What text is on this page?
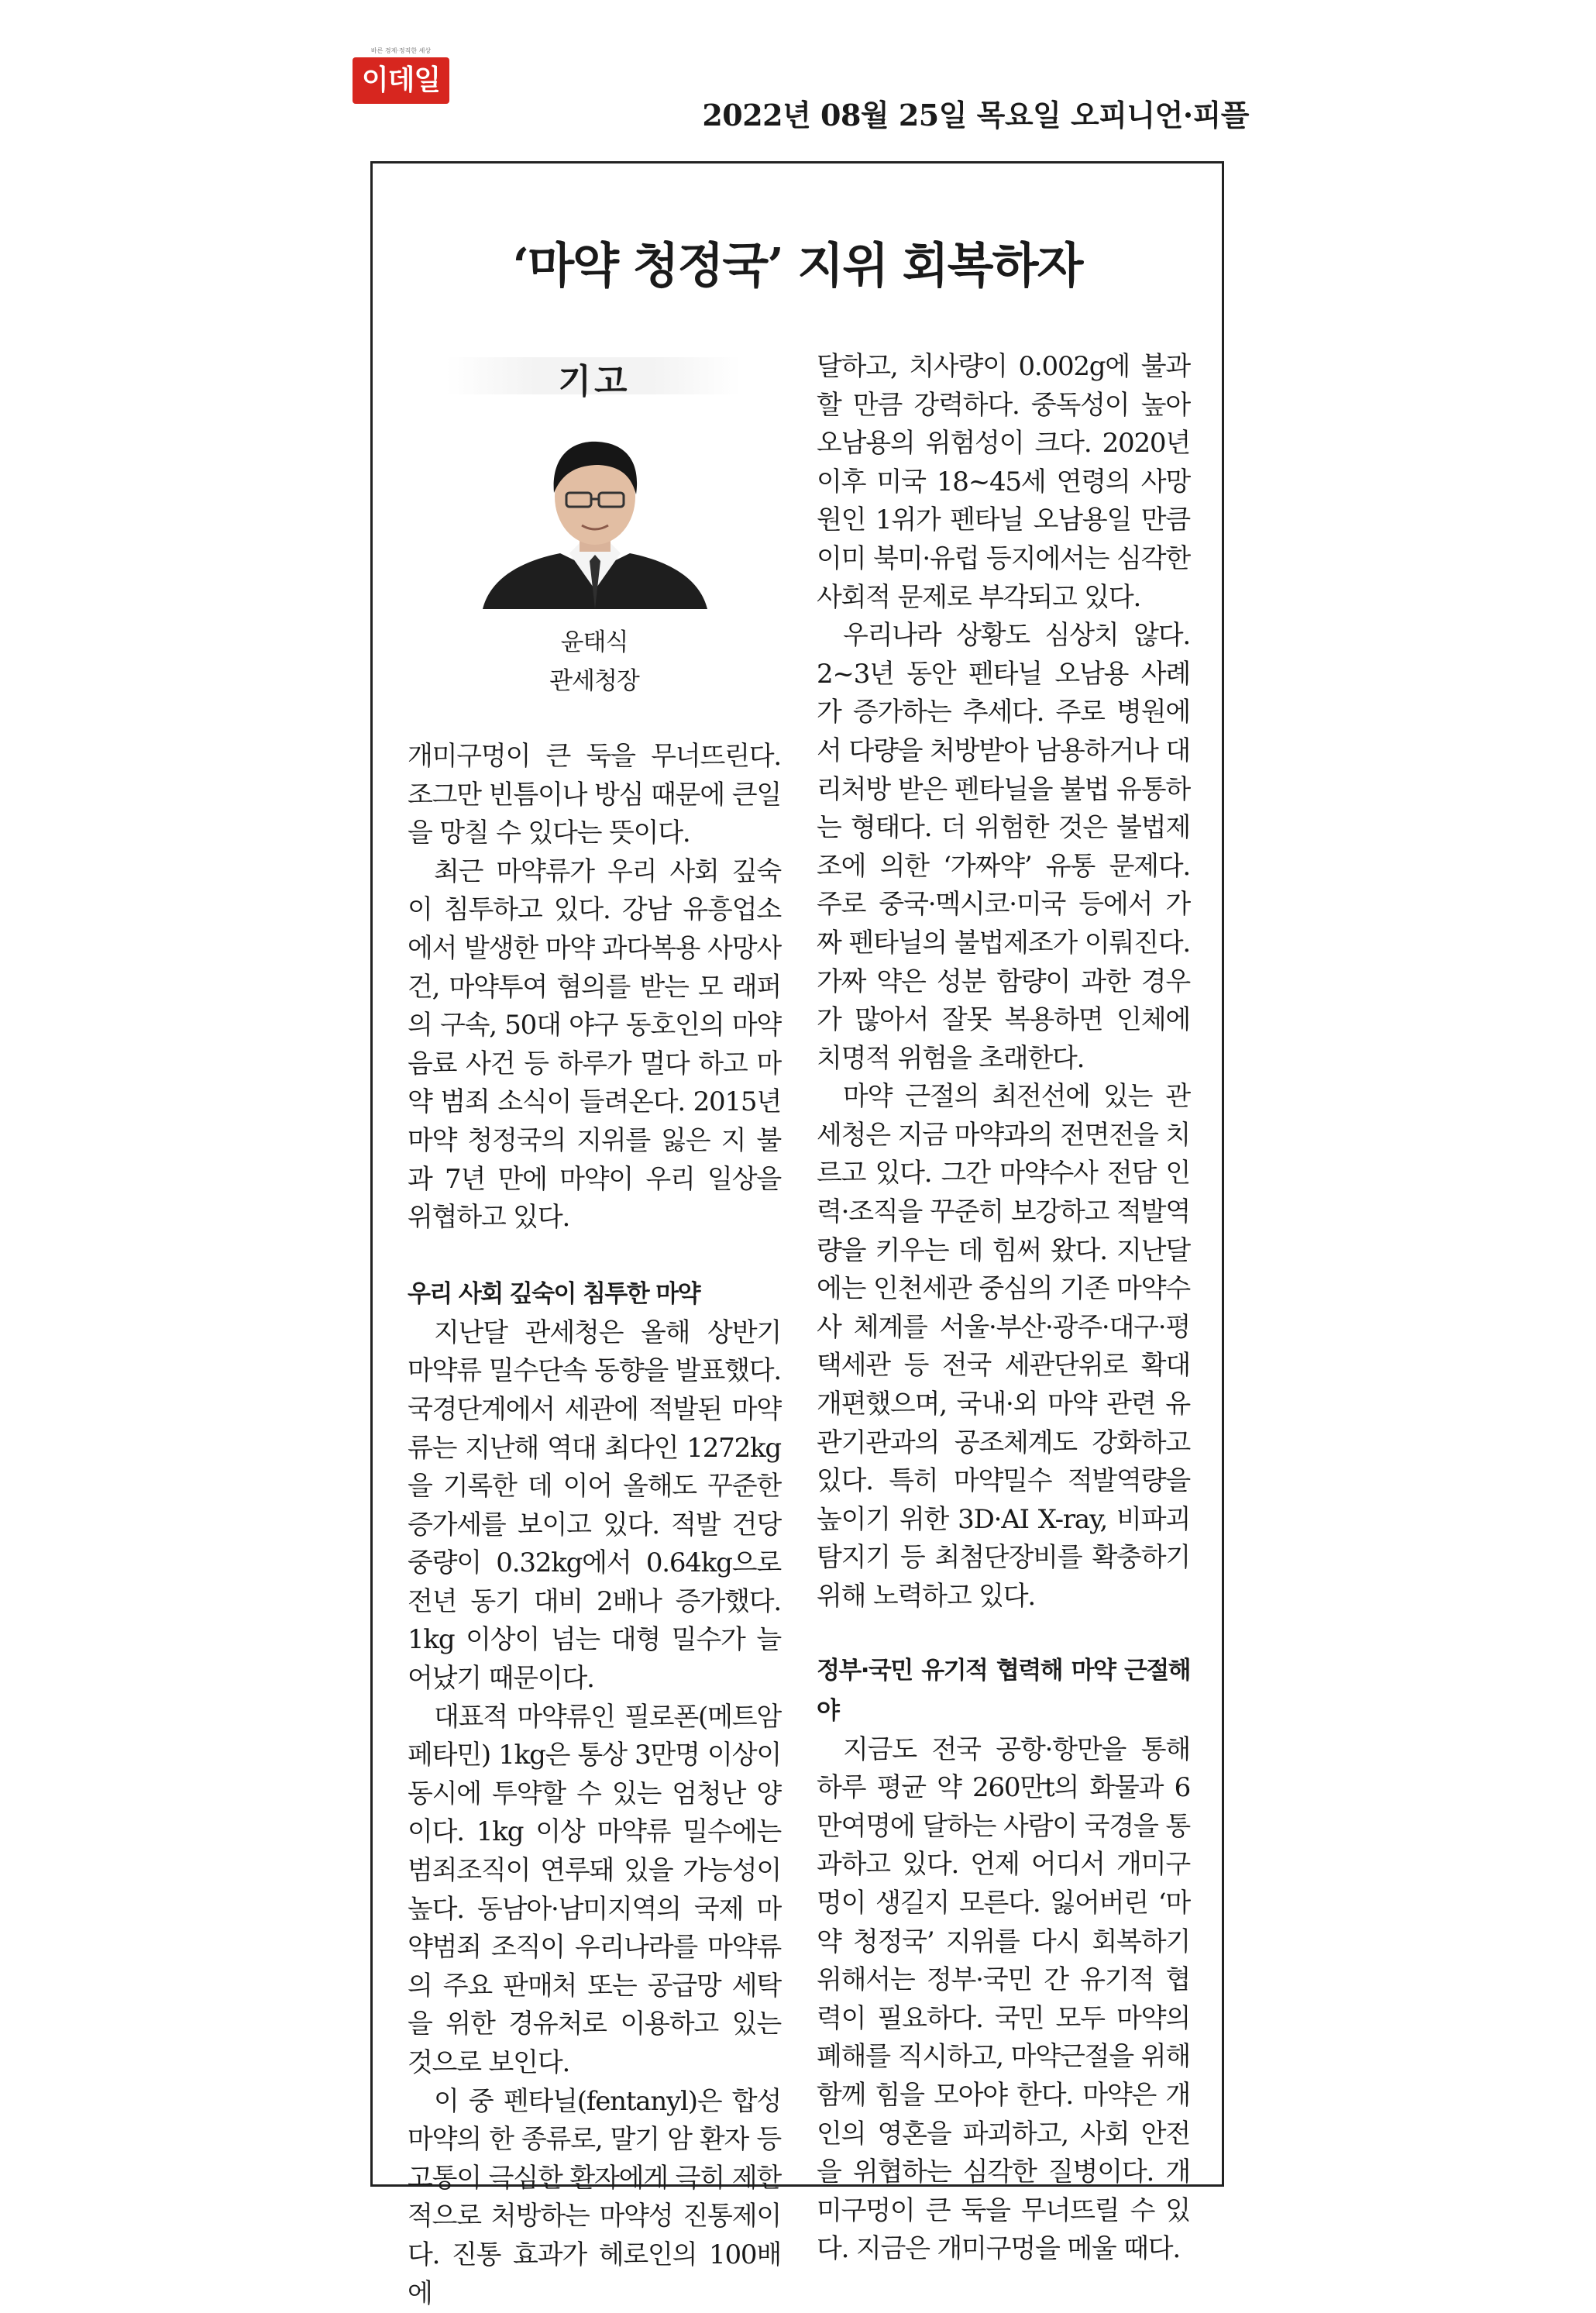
바른 경제·정직한 세상
이데일리	2022년 08월 25일 목요일 오피니언·피플
‘마약 청정국’ 지위 회복하자
기고
윤태식
관세청장

개미구멍이 큰 둑을 무너뜨린다. 조그만 빈틈이나 방심 때문에 큰일을 망칠 수 있다는 뜻이다.

최근 마약류가 우리 사회 깊숙이 침투하고 있다. 강남 유흥업소에서 발생한 마약 과다복용 사망사건, 마약투여 혐의를 받는 모 래퍼의 구속, 50대 야구 동호인의 마약음료 사건 등 하루가 멀다 하고 마약 범죄 소식이 들려온다. 2015년 마약 청정국의 지위를 잃은 지 불과 7년 만에 마약이 우리 일상을 위협하고 있다.

우리 사회 깊숙이 침투한 마약

지난달 관세청은 올해 상반기 마약류 밀수단속 동향을 발표했다. 국경단계에서 세관에 적발된 마약류는 지난해 역대 최다인 1272kg을 기록한 데 이어 올해도 꾸준한 증가세를 보이고 있다. 적발 건당 중량이 0.32kg에서 0.64kg으로 전년 동기 대비 2배나 증가했다. 1kg 이상이 넘는 대형 밀수가 늘어났기 때문이다.

대표적 마약류인 필로폰(메트암페타민) 1kg은 통상 3만명 이상이 동시에 투약할 수 있는 엄청난 양이다. 1kg 이상 마약류 밀수에는 범죄조직이 연루돼 있을 가능성이 높다. 동남아·남미지역의 국제 마약범죄 조직이 우리나라를 마약류의 주요 판매처 또는 공급망 세탁을 위한 경유처로 이용하고 있는 것으로 보인다.

이 중 펜타닐(fentanyl)은 합성마약의 한 종류로, 말기 암 환자 등 고통이 극심한 환자에게 극히 제한적으로 처방하는 마약성 진통제이다. 진통 효과가 헤로인의 100배에

달하고, 치사량이 0.002g에 불과할 만큼 강력하다. 중독성이 높아 오남용의 위험성이 크다. 2020년 이후 미국 18~45세 연령의 사망원인 1위가 펜타닐 오남용일 만큼 이미 북미·유럽 등지에서는 심각한 사회적 문제로 부각되고 있다.

우리나라 상황도 심상치 않다. 2~3년 동안 펜타닐 오남용 사례가 증가하는 추세다. 주로 병원에서 다량을 처방받아 남용하거나 대리처방 받은 펜타닐을 불법 유통하는 형태다. 더 위험한 것은 불법제조에 의한 ‘가짜약’ 유통 문제다. 주로 중국·멕시코·미국 등에서 가짜 펜타닐의 불법제조가 이뤄진다. 가짜 약은 성분 함량이 과한 경우가 많아서 잘못 복용하면 인체에 치명적 위험을 초래한다.

마약 근절의 최전선에 있는 관세청은 지금 마약과의 전면전을 치르고 있다. 그간 마약수사 전담 인력·조직을 꾸준히 보강하고 적발역량을 키우는 데 힘써 왔다. 지난달에는 인천세관 중심의 기존 마약수사 체계를 서울·부산·광주·대구·평택세관 등 전국 세관단위로 확대 개편했으며, 국내·외 마약 관련 유관기관과의 공조체계도 강화하고 있다. 특히 마약밀수 적발역량을 높이기 위한 3D·AI X-ray, 비파괴 탐지기 등 최첨단장비를 확충하기 위해 노력하고 있다.

정부·국민 유기적 협력해 마약 근절해야

지금도 전국 공항·항만을 통해 하루 평균 약 260만t의 화물과 6만여명에 달하는 사람이 국경을 통과하고 있다. 언제 어디서 개미구멍이 생길지 모른다. 잃어버린 ‘마약 청정국’ 지위를 다시 회복하기 위해서는 정부·국민 간 유기적 협력이 필요하다. 국민 모두 마약의 폐해를 직시하고, 마약근절을 위해 함께 힘을 모아야 한다. 마약은 개인의 영혼을 파괴하고, 사회 안전을 위협하는 심각한 질병이다. 개미구멍이 큰 둑을 무너뜨릴 수 있다. 지금은 개미구멍을 메울 때다.
